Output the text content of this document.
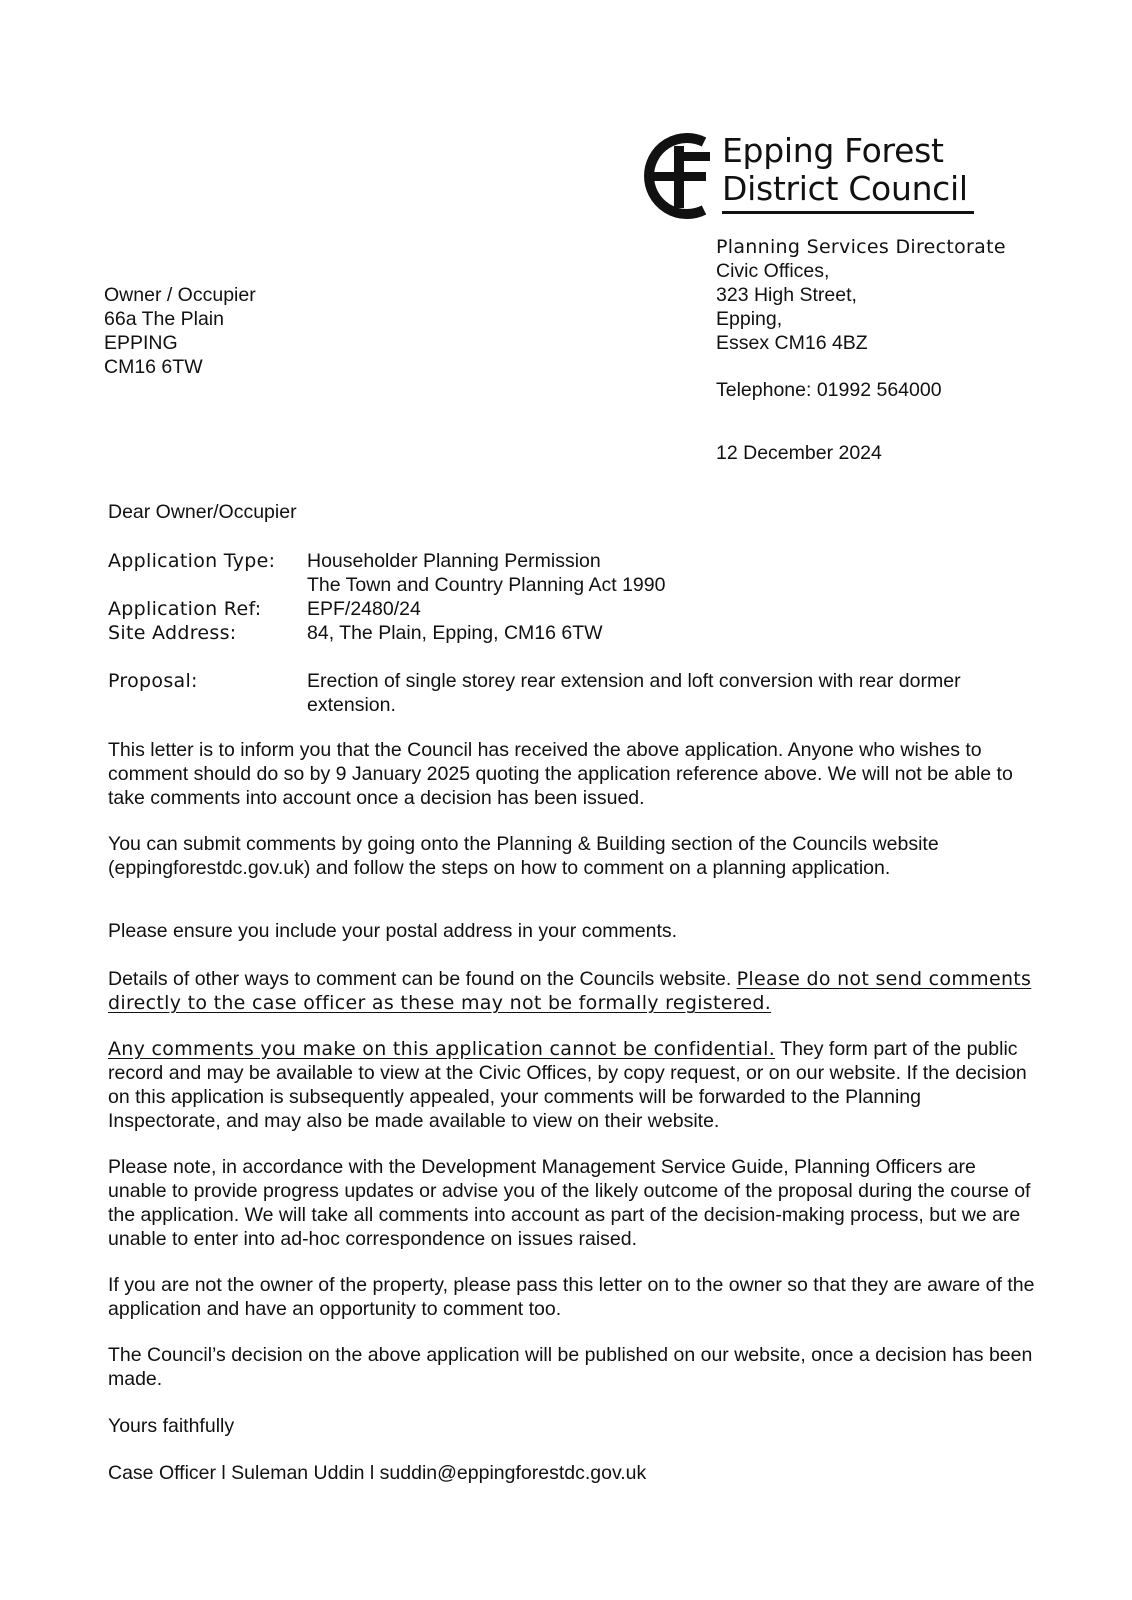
Epping Forest
District Council
Planning Services Directorate
Civic Offices,
323 High Street,
Epping,
Essex CM16 4BZ
Telephone: 01992 564000
12 December 2024
Owner / Occupier
66a The Plain
EPPING
CM16 6TW
Dear Owner/Occupier
Application Type:	Householder Planning Permission
The Town and Country Planning Act 1990
Application Ref:	EPF/2480/24
Site Address:	84, The Plain, Epping, CM16 6TW
Proposal:	Erection of single storey rear extension and loft conversion with rear dormer extension.

This letter is to inform you that the Council has received the above application. Anyone who wishes to comment should do so by 9 January 2025 quoting the application reference above. We will not be able to take comments into account once a decision has been issued.

You can submit comments by going onto the Planning & Building section of the Councils website (eppingforestdc.gov.uk) and follow the steps on how to comment on a planning application.

Please ensure you include your postal address in your comments.

Details of other ways to comment can be found on the Councils website. Please do not send comments directly to the case officer as these may not be formally registered.

Any comments you make on this application cannot be confidential. They form part of the public record and may be available to view at the Civic Offices, by copy request, or on our website. If the decision on this application is subsequently appealed, your comments will be forwarded to the Planning Inspectorate, and may also be made available to view on their website.

Please note, in accordance with the Development Management Service Guide, Planning Officers are unable to provide progress updates or advise you of the likely outcome of the proposal during the course of the application. We will take all comments into account as part of the decision-making process, but we are unable to enter into ad-hoc correspondence on issues raised.

If you are not the owner of the property, please pass this letter on to the owner so that they are aware of the application and have an opportunity to comment too.

The Council’s decision on the above application will be published on our website, once a decision has been made.

Yours faithfully
Case Officer l Suleman Uddin l suddin@eppingforestdc.gov.uk
